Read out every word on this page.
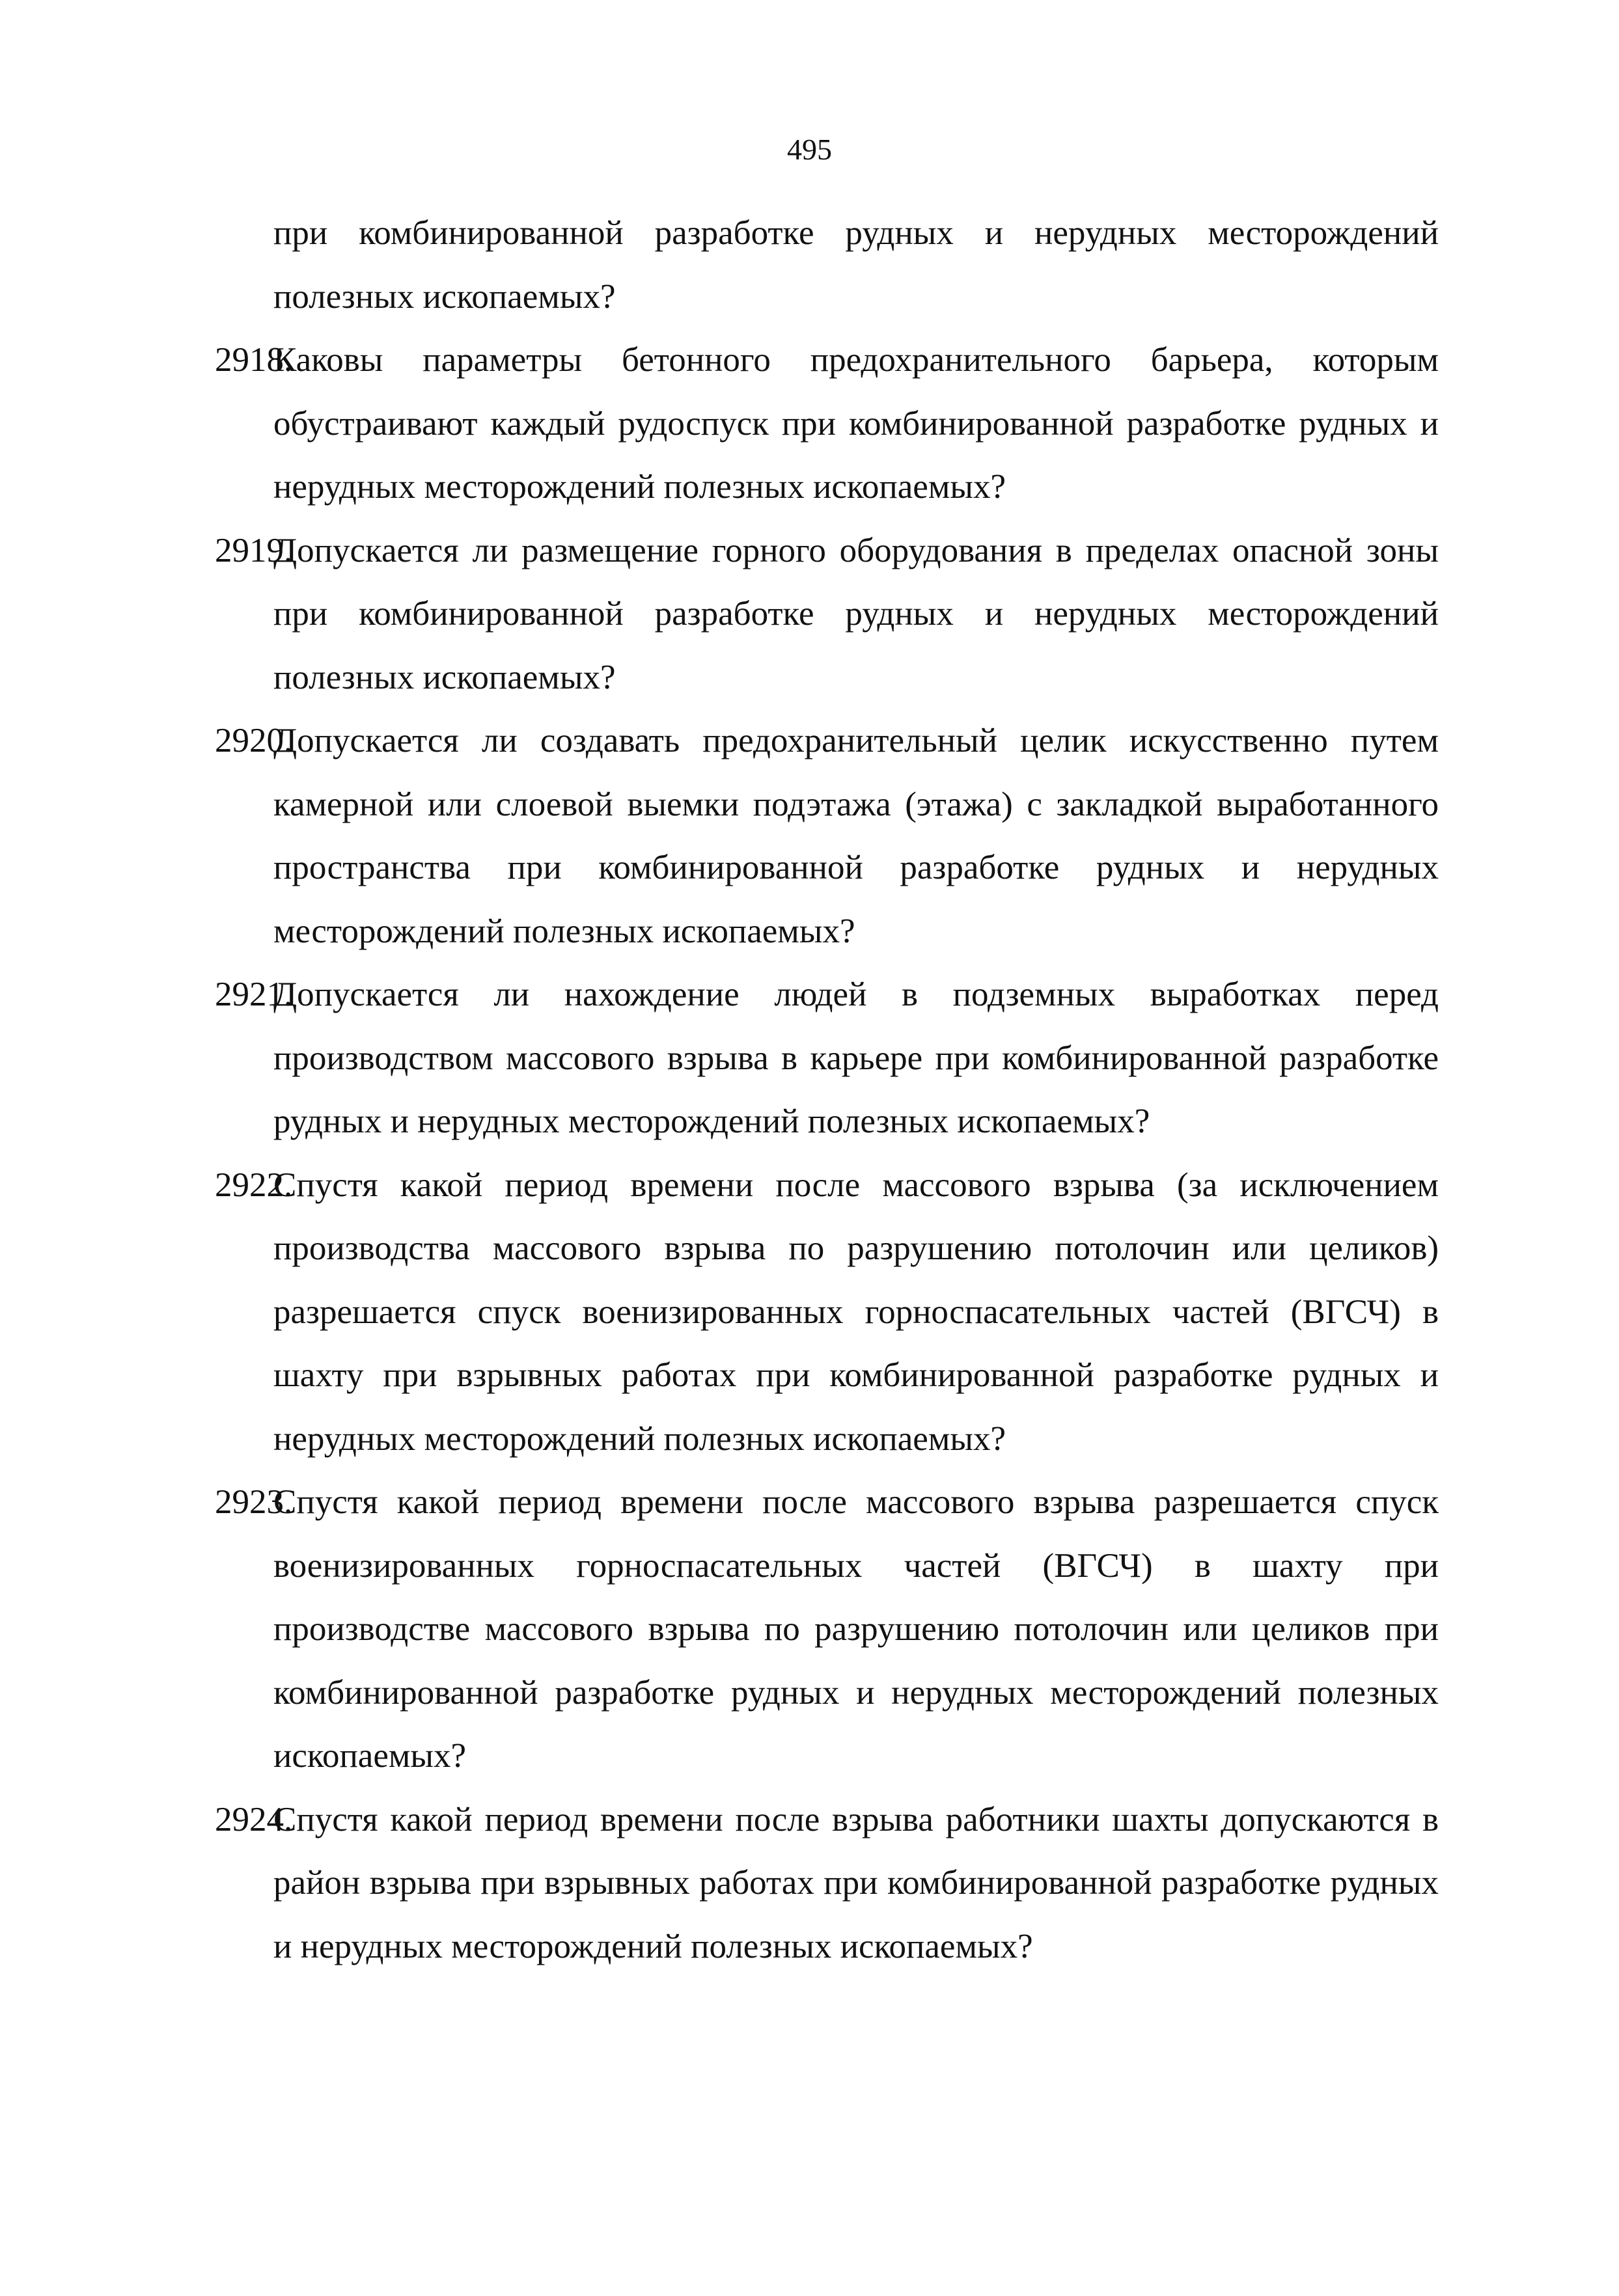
495

при комбинированной разработке рудных и нерудных месторождений полезных ископаемых?

2918.
Каковы параметры бетонного предохранительного барьера, которым обустраивают каждый рудоспуск при комбинированной разработке рудных и нерудных месторождений полезных ископаемых?

2919.
Допускается ли размещение горного оборудования в пределах опасной зоны при комбинированной разработке рудных и нерудных месторождений полезных ископаемых?

2920.
Допускается ли создавать предохранительный целик искусственно путем камерной или слоевой выемки подэтажа (этажа) с закладкой выработанного пространства при комбинированной разработке рудных и нерудных месторождений полезных ископаемых?

2921.
Допускается ли нахождение людей в подземных выработках перед производством массового взрыва в карьере при комбинированной разработке рудных и нерудных месторождений полезных ископаемых?

2922.
Спустя какой период времени после массового взрыва (за исключением производства массового взрыва по разрушению потолочин или целиков) разрешается спуск военизированных горноспасательных частей (ВГСЧ) в шахту при взрывных работах при комбинированной разработке рудных и нерудных месторождений полезных ископаемых?

2923.
Спустя какой период времени после массового взрыва разрешается спуск военизированных горноспасательных частей (ВГСЧ) в шахту при производстве массового взрыва по разрушению потолочин или целиков при комбинированной разработке рудных и нерудных месторождений полезных ископаемых?

2924.
Спустя какой период времени после взрыва работники шахты допускаются в район взрыва при взрывных работах при комбинированной разработке рудных и нерудных месторождений полезных ископаемых?
